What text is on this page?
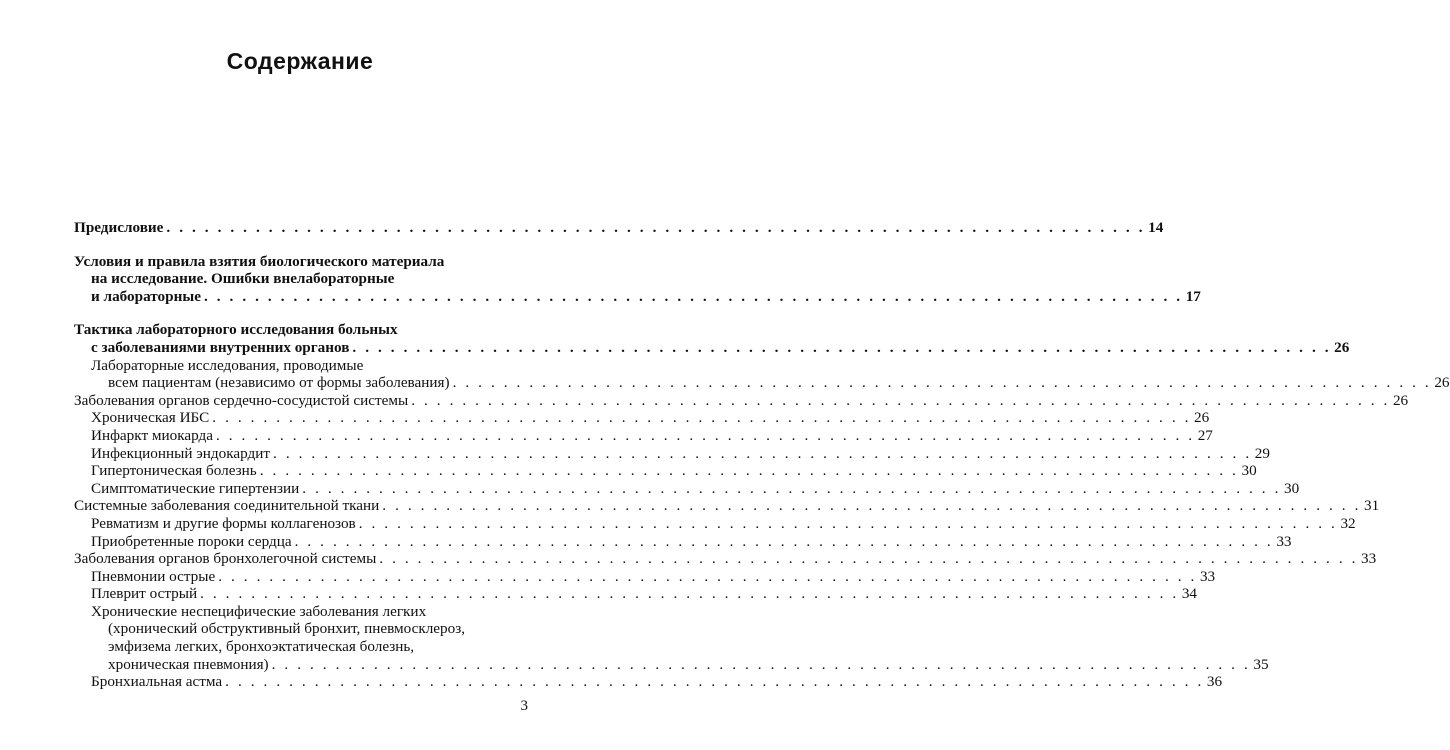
Содержание
Предисловие . . . . . . . . . . . . . . . . . . . . . . . . . . . . . . . . . . . . . . . . . . . . . . . . . . . . . . . . . . . . . . . . . . . . . . . . . . . . . 14
Условия и правила взятия биологического материала
на исследование. Ошибки внелабораторные
и лабораторные . . . . . . . . . . . . . . . . . . . . . . . . . . . . . . . . . . . . . . . . . . . . . . . . . . . . . . . . . . . . . . . . . . . . . . . . . . . . . 17
Тактика лабораторного исследования больных
с заболеваниями внутренних органов . . . . . . . . . . . . . . . . . . . . . . . . . . . . . . . . . . . . . . . . . . . . . . . . . . . . . . . . . . . . . . . . . . . . . . . . . . . . . 26
Лабораторные исследования, проводимые
всем пациентам (независимо от формы заболевания) . . . . . . . . . . . . . . . . . . . . . . . . . . . . . . . . . . . . . . . . . . . . . . . . . . . . . . . . . . . . . . . . . . . . . . . . . . . . . 26
Заболевания органов сердечно-сосудистой системы . . . . . . . . . . . . . . . . . . . . . . . . . . . . . . . . . . . . . . . . . . . . . . . . . . . . . . . . . . . . . . . . . . . . . . . . . . . . . 26
Хроническая ИБС . . . . . . . . . . . . . . . . . . . . . . . . . . . . . . . . . . . . . . . . . . . . . . . . . . . . . . . . . . . . . . . . . . . . . . . . . . . . . 26
Инфаркт миокарда . . . . . . . . . . . . . . . . . . . . . . . . . . . . . . . . . . . . . . . . . . . . . . . . . . . . . . . . . . . . . . . . . . . . . . . . . . . . . 27
Инфекционный эндокардит . . . . . . . . . . . . . . . . . . . . . . . . . . . . . . . . . . . . . . . . . . . . . . . . . . . . . . . . . . . . . . . . . . . . . . . . . . . . . 29
Гипертоническая болезнь . . . . . . . . . . . . . . . . . . . . . . . . . . . . . . . . . . . . . . . . . . . . . . . . . . . . . . . . . . . . . . . . . . . . . . . . . . . . . 30
Симптоматические гипертензии . . . . . . . . . . . . . . . . . . . . . . . . . . . . . . . . . . . . . . . . . . . . . . . . . . . . . . . . . . . . . . . . . . . . . . . . . . . . . 30
Системные заболевания соединительной ткани . . . . . . . . . . . . . . . . . . . . . . . . . . . . . . . . . . . . . . . . . . . . . . . . . . . . . . . . . . . . . . . . . . . . . . . . . . . . . 31
Ревматизм и другие формы коллагенозов . . . . . . . . . . . . . . . . . . . . . . . . . . . . . . . . . . . . . . . . . . . . . . . . . . . . . . . . . . . . . . . . . . . . . . . . . . . . . 32
Приобретенные пороки сердца . . . . . . . . . . . . . . . . . . . . . . . . . . . . . . . . . . . . . . . . . . . . . . . . . . . . . . . . . . . . . . . . . . . . . . . . . . . . . 33
Заболевания органов бронхолегочной системы . . . . . . . . . . . . . . . . . . . . . . . . . . . . . . . . . . . . . . . . . . . . . . . . . . . . . . . . . . . . . . . . . . . . . . . . . . . . . 33
Пневмонии острые . . . . . . . . . . . . . . . . . . . . . . . . . . . . . . . . . . . . . . . . . . . . . . . . . . . . . . . . . . . . . . . . . . . . . . . . . . . . . 33
Плеврит острый . . . . . . . . . . . . . . . . . . . . . . . . . . . . . . . . . . . . . . . . . . . . . . . . . . . . . . . . . . . . . . . . . . . . . . . . . . . . . 34
Хронические неспецифические заболевания легких
(хронический обструктивный бронхит, пневмосклероз,
эмфизема легких, бронхоэктатическая болезнь,
хроническая пневмония) . . . . . . . . . . . . . . . . . . . . . . . . . . . . . . . . . . . . . . . . . . . . . . . . . . . . . . . . . . . . . . . . . . . . . . . . . . . . . 35
Бронхиальная астма . . . . . . . . . . . . . . . . . . . . . . . . . . . . . . . . . . . . . . . . . . . . . . . . . . . . . . . . . . . . . . . . . . . . . . . . . . . . . 36
3
